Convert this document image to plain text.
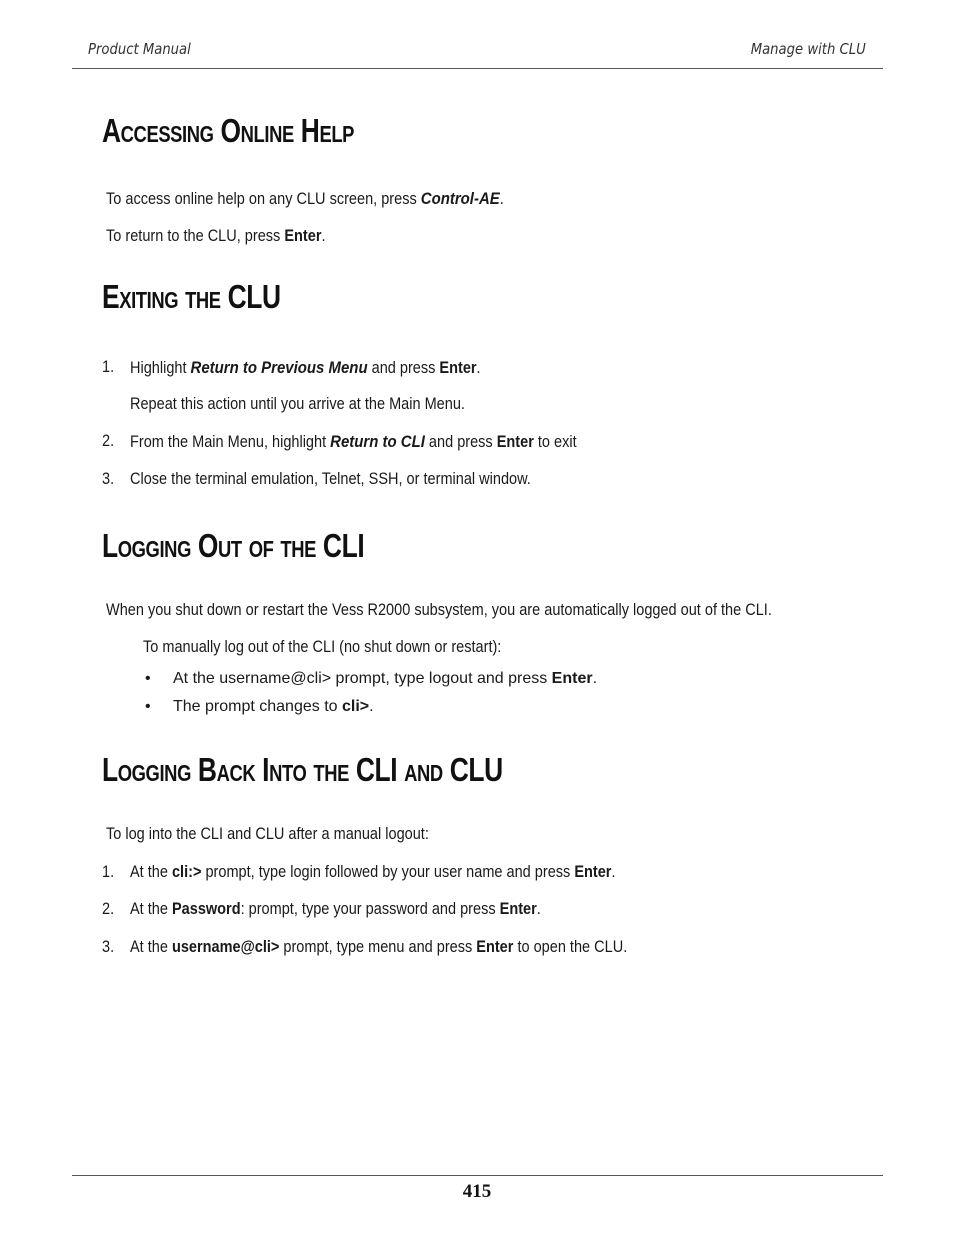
Product Manual	Manage with CLU
Accessing Online Help
To access online help on any CLU screen, press Control-AE.
To return to the CLU, press Enter.
Exiting the CLU
1. Highlight Return to Previous Menu and press Enter.
Repeat this action until you arrive at the Main Menu.
2. From the Main Menu, highlight Return to CLI and press Enter to exit
3. Close the terminal emulation, Telnet, SSH, or terminal window.
Logging Out of the CLI
When you shut down or restart the Vess R2000 subsystem, you are automatically logged out of the CLI.
To manually log out of the CLI (no shut down or restart):
• At the username@cli> prompt, type logout and press Enter.
• The prompt changes to cli>.
Logging Back Into the CLI and CLU
To log into the CLI and CLU after a manual logout:
1. At the cli:> prompt, type login followed by your user name and press Enter.
2. At the Password: prompt, type your password and press Enter.
3. At the username@cli> prompt, type menu and press Enter to open the CLU.
415
